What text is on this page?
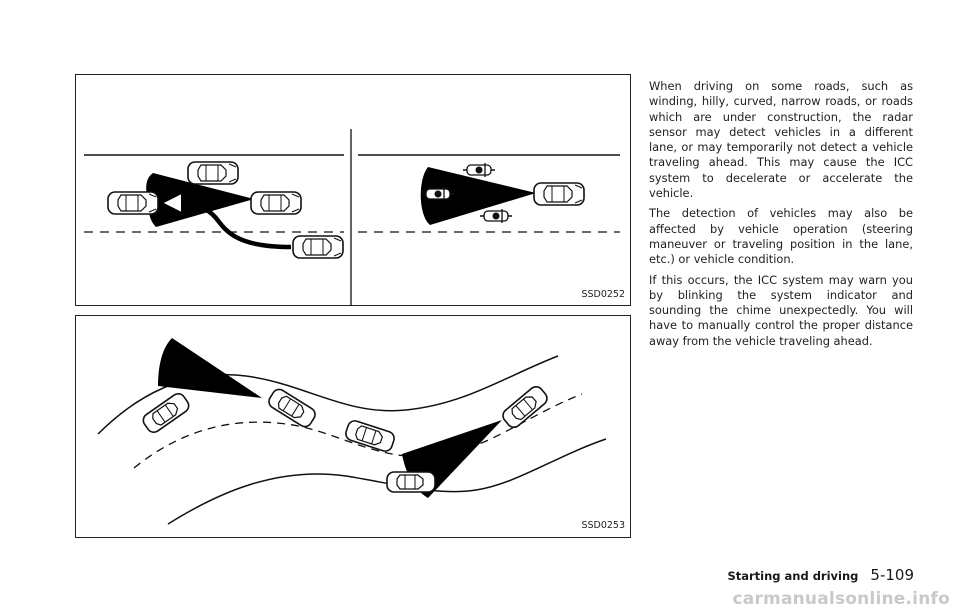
SSD0252
SSD0253

When driving on some roads, such as winding, hilly, curved, narrow roads, or roads which are under construction, the radar sensor may detect vehicles in a different lane, or may temporarily not detect a vehicle traveling ahead. This may cause the ICC system to decelerate or accelerate the vehicle.

The detection of vehicles may also be affected by vehicle operation (steering maneuver or traveling position in the lane, etc.) or vehicle condition.

If this occurs, the ICC system may warn you by blinking the system indicator and sounding the chime unexpectedly. You will have to manually control the proper distance away from the vehicle traveling ahead.

Starting and driving 5-109
carmanualsonline.info
